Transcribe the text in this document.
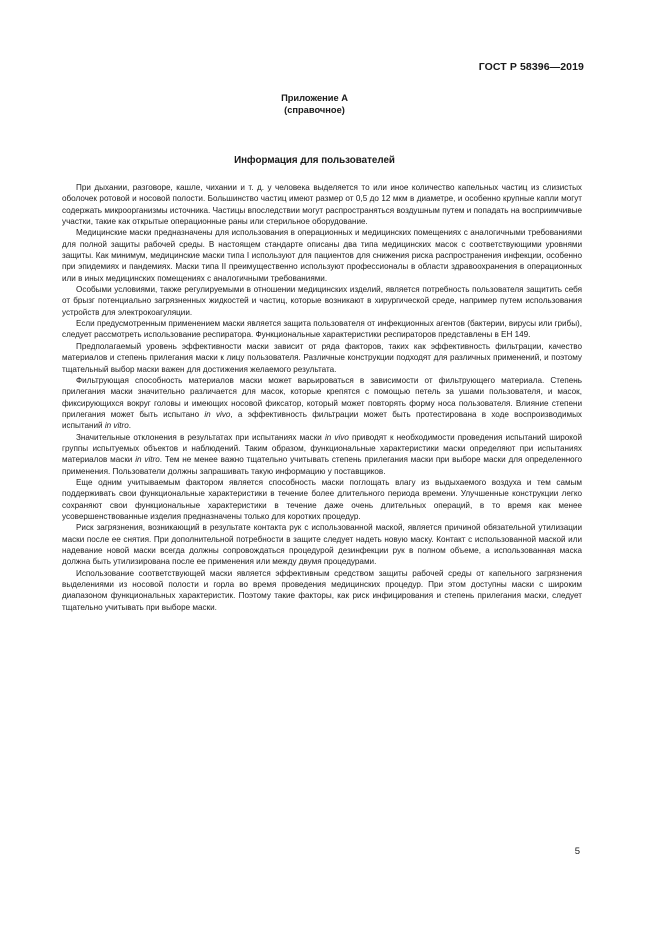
ГОСТ Р 58396—2019
Приложение А
(справочное)
Информация для пользователей

При дыхании, разговоре, кашле, чихании и т. д. у человека выделяется то или иное количество капельных частиц из слизистых оболочек ротовой и носовой полости. Большинство частиц имеют размер от 0,5 до 12 мкм в диаметре, и особенно крупные капли могут содержать микроорганизмы источника. Частицы впоследствии могут распространяться воздушным путем и попадать на восприимчивые участки, такие как открытые операционные раны или стерильное оборудование.

Медицинские маски предназначены для использования в операционных и медицинских помещениях с аналогичными требованиями для полной защиты рабочей среды. В настоящем стандарте описаны два типа медицинских масок с соответствующими уровнями защиты. Как минимум, медицинские маски типа I используют для пациентов для снижения риска распространения инфекции, особенно при эпидемиях и пандемиях. Маски типа II преимущественно используют профессионалы в области здравоохранения в операционных или в иных медицинских помещениях с аналогичными требованиями.

Особыми условиями, также регулируемыми в отношении медицинских изделий, является потребность пользователя защитить себя от брызг потенциально загрязненных жидкостей и частиц, которые возникают в хирургической среде, например путем использования устройств для электрокоагуляции.

Если предусмотренным применением маски является защита пользователя от инфекционных агентов (бактерии, вирусы или грибы), следует рассмотреть использование респиратора. Функциональные характеристики респираторов представлены в ЕН 149.

Предполагаемый уровень эффективности маски зависит от ряда факторов, таких как эффективность фильтрации, качество материалов и степень прилегания маски к лицу пользователя. Различные конструкции подходят для различных применений, и поэтому тщательный выбор маски важен для достижения желаемого результата.

Фильтрующая способность материалов маски может варьироваться в зависимости от фильтрующего материала. Степень прилегания маски значительно различается для масок, которые крепятся с помощью петель за ушами пользователя, и масок, фиксирующихся вокруг головы и имеющих носовой фиксатор, который может повторять форму носа пользователя. Влияние степени прилегания может быть испытано in vivo, а эффективность фильтрации может быть протестирована в ходе воспроизводимых испытаний in vitro.

Значительные отклонения в результатах при испытаниях маски in vivo приводят к необходимости проведения испытаний широкой группы испытуемых объектов и наблюдений. Таким образом, функциональные характеристики маски определяют при испытаниях материалов маски in vitro. Тем не менее важно тщательно учитывать степень прилегания маски при выборе маски для определенного применения. Пользователи должны запрашивать такую информацию у поставщиков.

Еще одним учитываемым фактором является способность маски поглощать влагу из выдыхаемого воздуха и тем самым поддерживать свои функциональные характеристики в течение более длительного периода времени. Улучшенные конструкции легко сохраняют свои функциональные характеристики в течение даже очень длительных операций, в то время как менее усовершенствованные изделия предназначены только для коротких процедур.

Риск загрязнения, возникающий в результате контакта рук с использованной маской, является причиной обязательной утилизации маски после ее снятия. При дополнительной потребности в защите следует надеть новую маску. Контакт с использованной маской или надевание новой маски всегда должны сопровождаться процедурой дезинфекции рук в полном объеме, а использованная маска должна быть утилизирована после ее применения или между двумя процедурами.

Использование соответствующей маски является эффективным средством защиты рабочей среды от капельного загрязнения выделениями из носовой полости и горла во время проведения медицинских процедур. При этом доступны маски с широким диапазоном функциональных характеристик. Поэтому такие факторы, как риск инфицирования и степень прилегания маски, следует тщательно учитывать при выборе маски.

5
